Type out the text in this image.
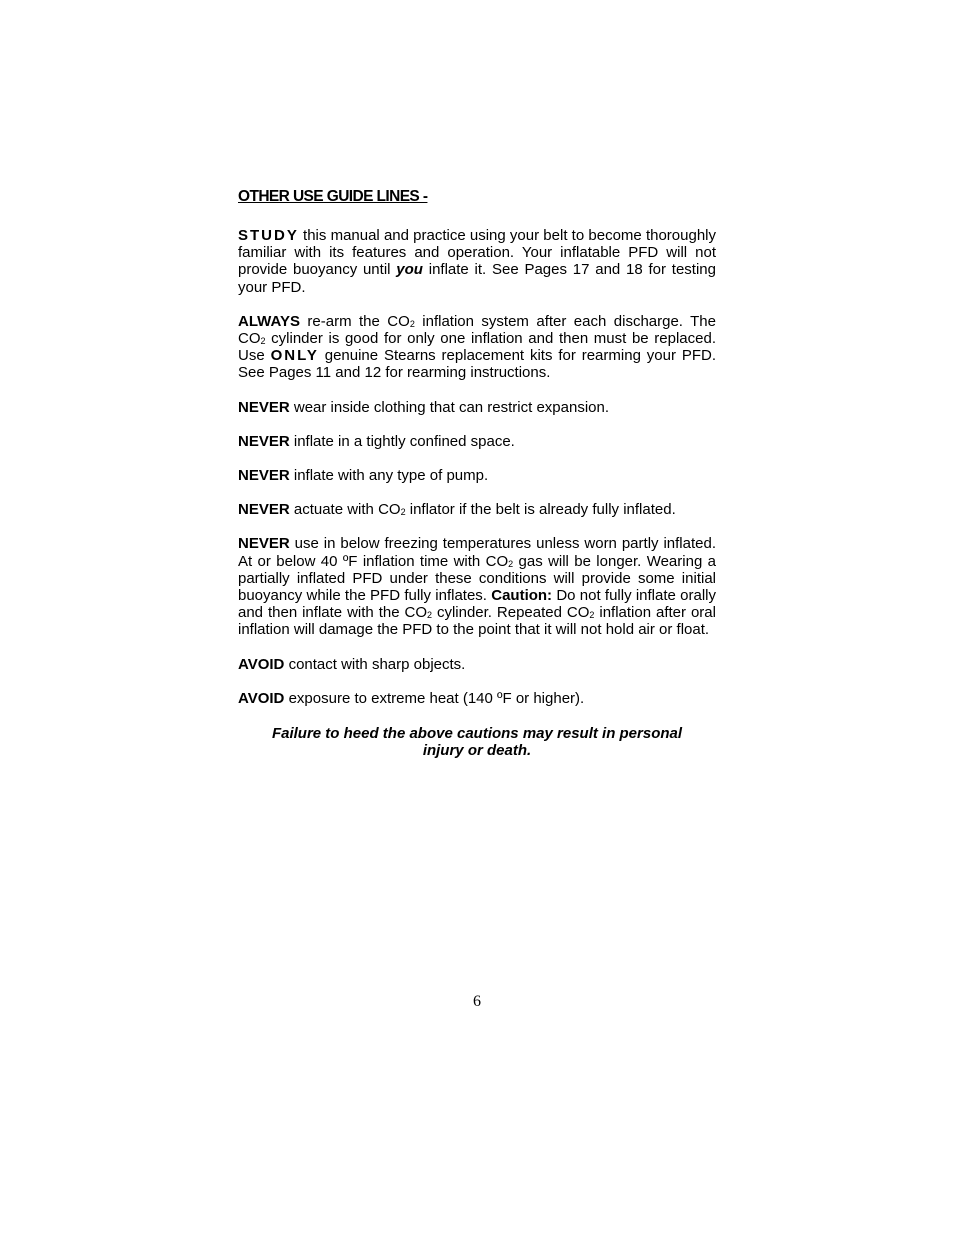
OTHER USE GUIDE LINES -

STUDY this manual and practice using your belt to become thoroughly familiar with its features and operation. Your inflatable PFD will not provide buoyancy until you inflate it. See Pages 17 and 18 for testing your PFD.

ALWAYS re-arm the $CO_2$ inflation system after each discharge. The $CO_2$ cylinder is good for only one inflation and then must be replaced. Use ONLY genuine Stearns replacement kits for rearming your PFD. See Pages 11 and 12 for rearming instructions.

NEVER wear inside clothing that can restrict expansion.

NEVER inflate in a tightly confined space.

NEVER inflate with any type of pump.

NEVER actuate with $CO_2$ inflator if the belt is already fully inflated.

NEVER use in below freezing temperatures unless worn partly inflated. At or below 40 ºF inflation time with $CO_2$ gas will be longer. Wearing a partially inflated PFD under these conditions will provide some initial buoyancy while the PFD fully inflates. Caution: Do not fully inflate orally and then inflate with the $CO_2$ cylinder. Repeated $CO_2$ inflation after oral inflation will damage the PFD to the point that it will not hold air or float.

AVOID contact with sharp objects.

AVOID exposure to extreme heat (140 ºF or higher).

Failure to heed the above cautions may result in personal
injury or death.
6
